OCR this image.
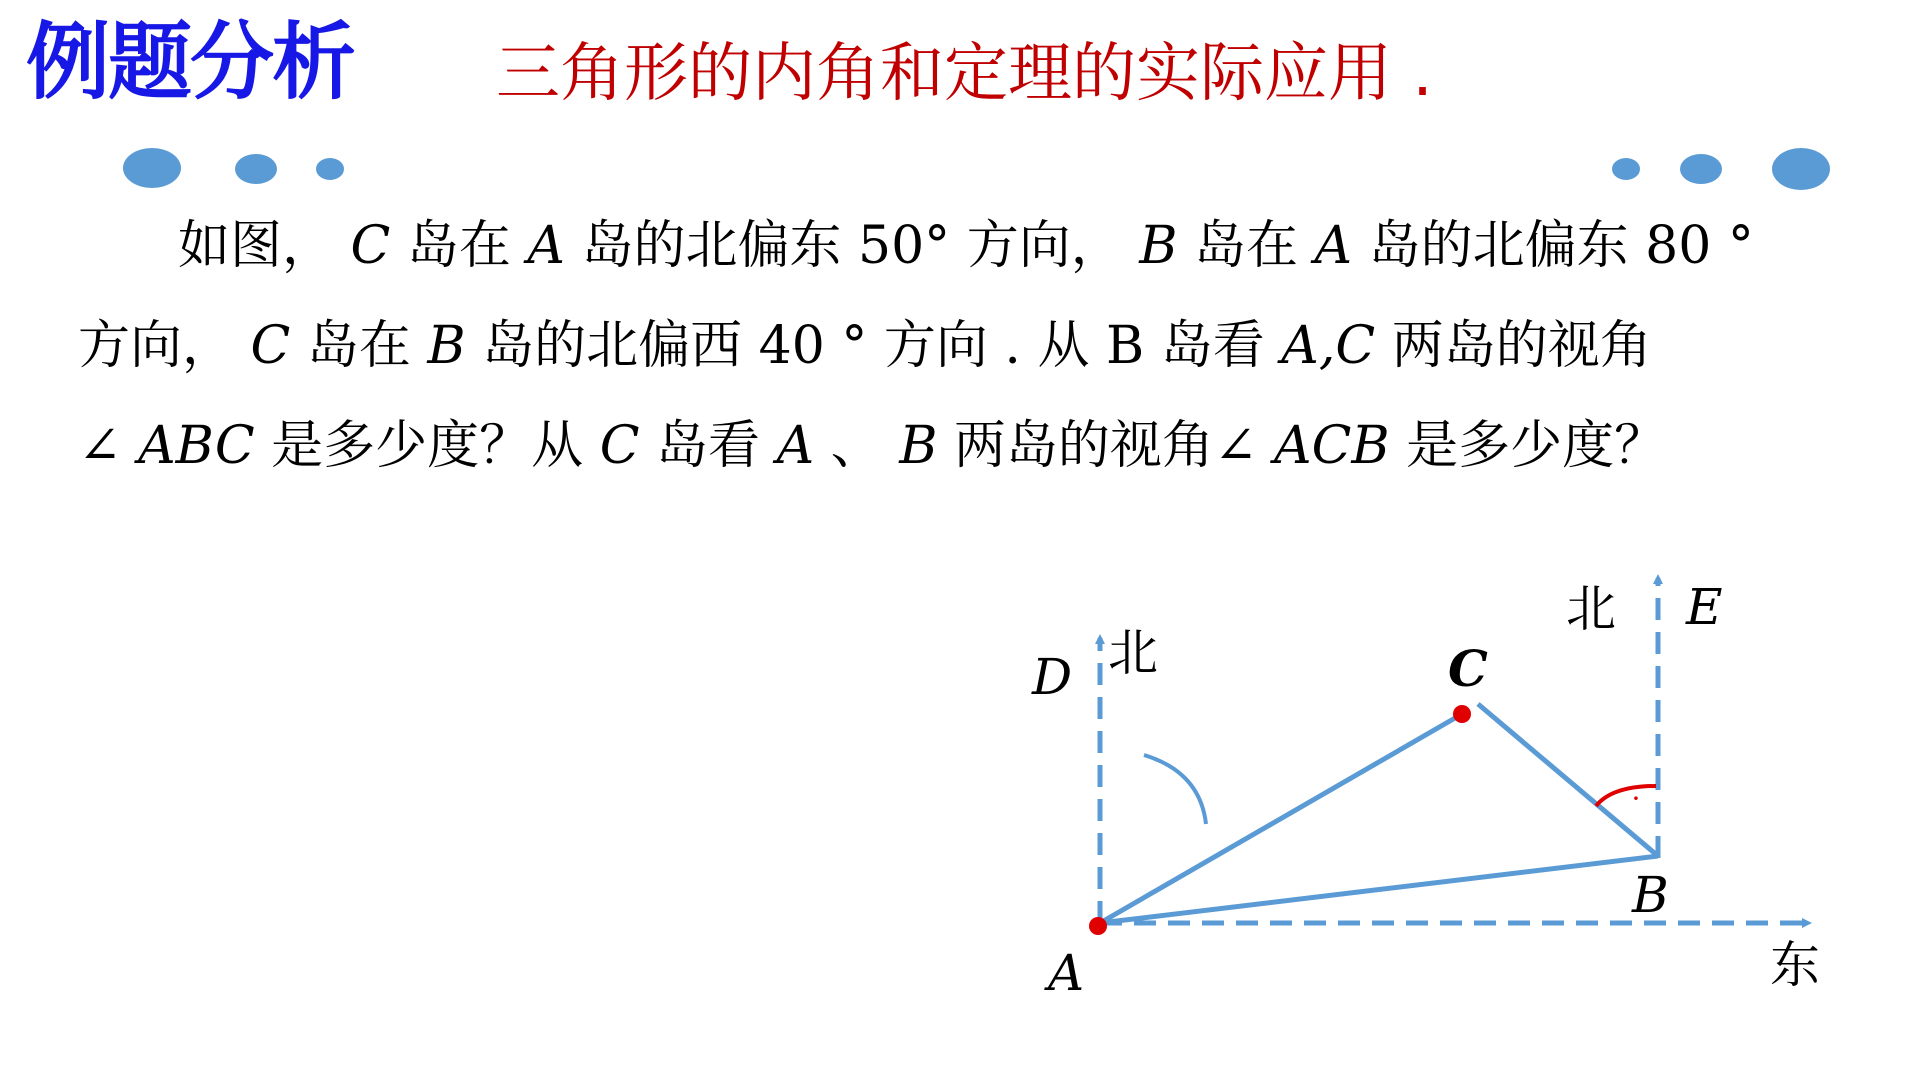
例题分析 三角形的内角和定理的实际应用 .

如图， C 岛在 A 岛的北偏东 50° 方向， B 岛在 A 岛的北偏东 80 °

方向， C 岛在 B 岛的北偏西 40 ° 方向 . 从 B 岛看 A,C 两岛的视角

∠ ABC 是多少度？从 C 岛看 A 、 B 两岛的视角∠ ACB 是多少度？

·
A
B
C
D
E
北
北
东
